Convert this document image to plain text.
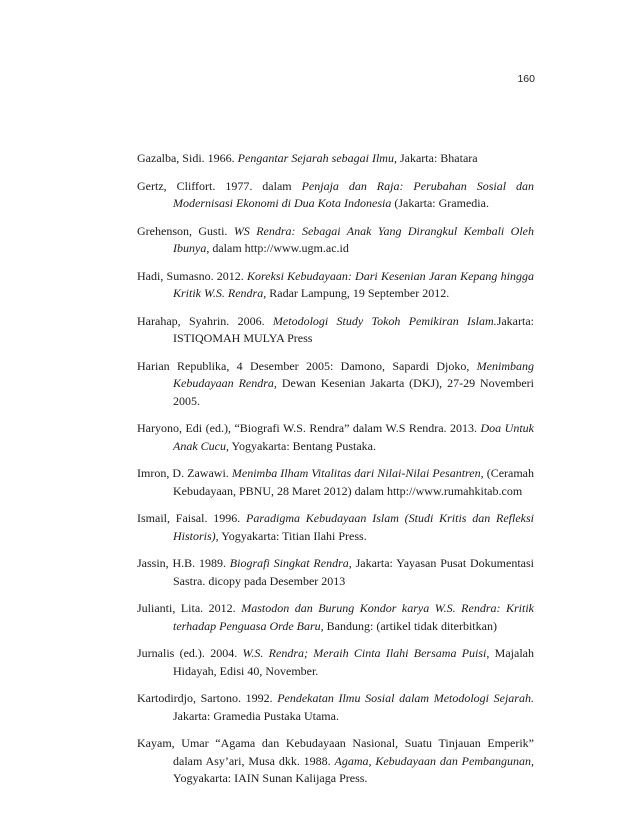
160

Gazalba, Sidi. 1966. Pengantar Sejarah sebagai Ilmu, Jakarta: Bhatara

Gertz, Cliffort. 1977. dalam Penjaja dan Raja: Perubahan Sosial dan Modernisasi Ekonomi di Dua Kota Indonesia (Jakarta: Gramedia.

Grehenson, Gusti. WS Rendra: Sebagai Anak Yang Dirangkul Kembali Oleh Ibunya, dalam http://www.ugm.ac.id

Hadi, Sumasno. 2012. Koreksi Kebudayaan: Dari Kesenian Jaran Kepang hingga Kritik W.S. Rendra, Radar Lampung, 19 September 2012.

Harahap, Syahrin. 2006. Metodologi Study Tokoh Pemikiran Islam.Jakarta: ISTIQOMAH MULYA Press

Harian Republika, 4 Desember 2005: Damono, Sapardi Djoko, Menimbang Kebudayaan Rendra, Dewan Kesenian Jakarta (DKJ), 27-29 Novemberi 2005.

Haryono, Edi (ed.), “Biografi W.S. Rendra” dalam W.S Rendra. 2013. Doa Untuk Anak Cucu, Yogyakarta: Bentang Pustaka.

Imron, D. Zawawi. Menimba Ilham Vitalitas dari Nilai-Nilai Pesantren, (Ceramah Kebudayaan, PBNU, 28 Maret 2012) dalam http://www.rumahkitab.com

Ismail, Faisal. 1996. Paradigma Kebudayaan Islam (Studi Kritis dan Refleksi Historis), Yogyakarta: Titian Ilahi Press.

Jassin, H.B. 1989. Biografi Singkat Rendra, Jakarta: Yayasan Pusat Dokumentasi Sastra. dicopy pada Desember 2013

Julianti, Lita. 2012. Mastodon dan Burung Kondor karya W.S. Rendra: Kritik terhadap Penguasa Orde Baru, Bandung: (artikel tidak diterbitkan)

Jurnalis (ed.). 2004. W.S. Rendra; Meraih Cinta Ilahi Bersama Puisi, Majalah Hidayah, Edisi 40, November.

Kartodirdjo, Sartono. 1992. Pendekatan Ilmu Sosial dalam Metodologi Sejarah. Jakarta: Gramedia Pustaka Utama.

Kayam, Umar “Agama dan Kebudayaan Nasional, Suatu Tinjauan Emperik” dalam Asy’ari, Musa dkk. 1988. Agama, Kebudayaan dan Pembangunan, Yogyakarta: IAIN Sunan Kalijaga Press.
